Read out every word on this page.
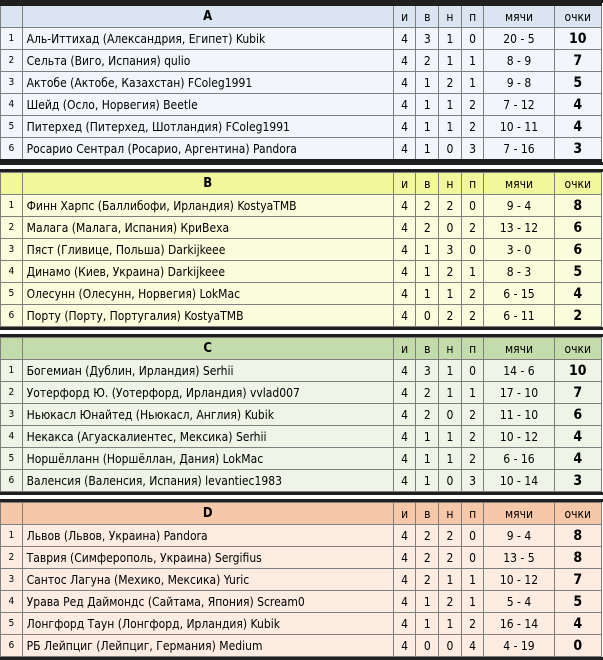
	A	и	в	н	п	мячи	очки
1	Аль-Иттихад (Александрия, Египет) Kubik	4	3	1	0	20 - 5	10
2	Сельта (Виго, Испания) qulio	4	2	1	1	8 - 9	7
3	Актобе (Актобе, Казахстан) FColeg1991	4	1	2	1	9 - 8	5
4	Шейд (Осло, Норвегия) Beetle	4	1	1	2	7 - 12	4
5	Питерхед (Питерхед, Шотландия) FColeg1991	4	1	1	2	10 - 11	4
6	Росарио Сентрал (Росарио, Аргентина) Pandora	4	1	0	3	7 - 16	3
	B	и	в	н	п	мячи	очки
1	Финн Харпс (Баллибофи, Ирландия) KostyaTMB	4	2	2	0	9 - 4	8
2	Малага (Малага, Испания) КриВеха	4	2	0	2	13 - 12	6
3	Пяст (Гливице, Польша) Darkijkeee	4	1	3	0	3 - 0	6
4	Динамо (Киев, Украина) Darkijkeee	4	1	2	1	8 - 3	5
5	Олесунн (Олесунн, Норвегия) LokMac	4	1	1	2	6 - 15	4
6	Порту (Порту, Португалия) KostyaTMB	4	0	2	2	6 - 11	2
	C	и	в	н	п	мячи	очки
1	Богемиан (Дублин, Ирландия) Serhii	4	3	1	0	14 - 6	10
2	Уотерфорд Ю. (Уотерфорд, Ирландия) vvlad007	4	2	1	1	17 - 10	7
3	Ньюкасл Юнайтед (Ньюкасл, Англия) Kubik	4	2	0	2	11 - 10	6
4	Некакса (Агуаскалиентес, Мексика) Serhii	4	1	1	2	10 - 12	4
5	Норшёлланн (Норшёллан, Дания) LokMac	4	1	1	2	6 - 16	4
6	Валенсия (Валенсия, Испания) levantiec1983	4	1	0	3	10 - 14	3
	D	и	в	н	п	мячи	очки
1	Львов (Львов, Украина) Pandora	4	2	2	0	9 - 4	8
2	Таврия (Симферополь, Украина) Sergifius	4	2	2	0	13 - 5	8
3	Сантос Лагуна (Мехико, Мексика) Yuric	4	2	1	1	10 - 12	7
4	Урава Ред Даймондс (Сайтама, Япония) Scream0	4	1	2	1	5 - 4	5
5	Лонгфорд Таун (Лонгфорд, Ирландия) Kubik	4	1	1	2	16 - 14	4
6	РБ Лейпциг (Лейпциг, Германия) Medium	4	0	0	4	4 - 19	0
